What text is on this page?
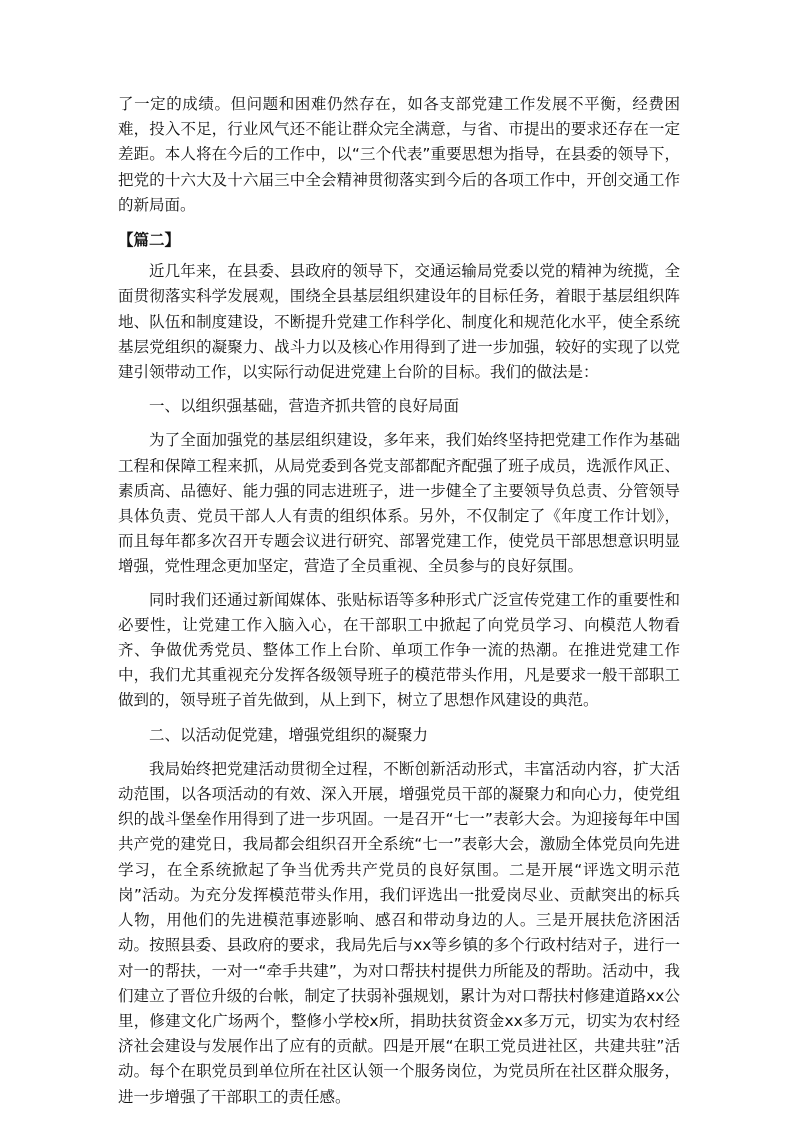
了一定的成绩。但问题和困难仍然存在，如各支部党建工作发展不平衡，经费困难，投入不足，行业风气还不能让群众完全满意，与省、市提出的要求还存在一定差距。本人将在今后的工作中，以“三个代表”重要思想为指导，在县委的领导下，把党的十六大及十六届三中全会精神贯彻落实到今后的各项工作中，开创交通工作的新局面。

【篇二】

近几年来，在县委、县政府的领导下，交通运输局党委以党的精神为统揽，全面贯彻落实科学发展观，围绕全县基层组织建设年的目标任务，着眼于基层组织阵地、队伍和制度建设，不断提升党建工作科学化、制度化和规范化水平，使全系统基层党组织的凝聚力、战斗力以及核心作用得到了进一步加强，较好的实现了以党建引领带动工作，以实际行动促进党建上台阶的目标。我们的做法是：

一、以组织强基础，营造齐抓共管的良好局面

为了全面加强党的基层组织建设，多年来，我们始终坚持把党建工作作为基础工程和保障工程来抓，从局党委到各党支部都配齐配强了班子成员，选派作风正、素质高、品德好、能力强的同志进班子，进一步健全了主要领导负总责、分管领导具体负责、党员干部人人有责的组织体系。另外，不仅制定了《年度工作计划》，而且每年都多次召开专题会议进行研究、部署党建工作，使党员干部思想意识明显增强，党性理念更加坚定，营造了全员重视、全员参与的良好氛围。

同时我们还通过新闻媒体、张贴标语等多种形式广泛宣传党建工作的重要性和必要性，让党建工作入脑入心，在干部职工中掀起了向党员学习、向模范人物看齐、争做优秀党员、整体工作上台阶、单项工作争一流的热潮。在推进党建工作中，我们尤其重视充分发挥各级领导班子的模范带头作用，凡是要求一般干部职工做到的，领导班子首先做到，从上到下，树立了思想作风建设的典范。

二、以活动促党建，增强党组织的凝聚力

我局始终把党建活动贯彻全过程，不断创新活动形式，丰富活动内容，扩大活动范围，以各项活动的有效、深入开展，增强党员干部的凝聚力和向心力，使党组织的战斗堡垒作用得到了进一步巩固。一是召开“七一”表彰大会。为迎接每年中国共产党的建党日，我局都会组织召开全系统“七一”表彰大会，激励全体党员向先进学习，在全系统掀起了争当优秀共产党员的良好氛围。二是开展“评选文明示范岗”活动。为充分发挥模范带头作用，我们评选出一批爱岗尽业、贡献突出的标兵人物，用他们的先进模范事迹影响、感召和带动身边的人。三是开展扶危济困活动。按照县委、县政府的要求，我局先后与xx等乡镇的多个行政村结对子，进行一对一的帮扶，一对一“牵手共建”，为对口帮扶村提供力所能及的帮助。活动中，我们建立了晋位升级的台帐，制定了扶弱补强规划，累计为对口帮扶村修建道路xx公里，修建文化广场两个，整修小学校x所，捐助扶贫资金xx多万元，切实为农村经济社会建设与发展作出了应有的贡献。四是开展“在职工党员进社区，共建共驻”活动。每个在职党员到单位所在社区认领一个服务岗位，为党员所在社区群众服务，进一步增强了干部职工的责任感。
